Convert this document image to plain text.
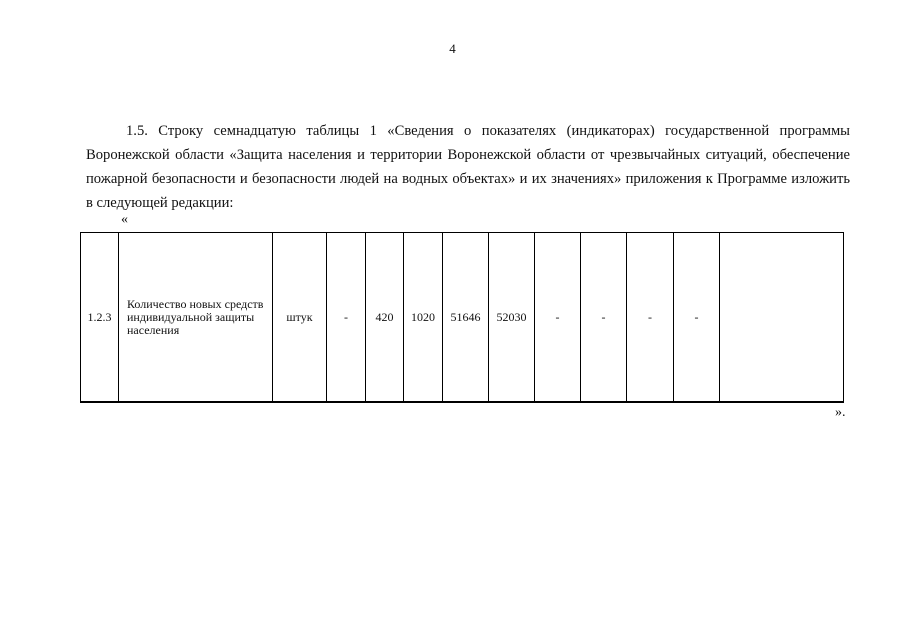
4

1.5. Строку семнадцатую таблицы 1 «Сведения о показателях (индикаторах) государственной программы Воронежской области «Защита населения и территории Воронежской области от чрезвычайных ситуаций, обеспечение пожарной безопасности и безопасности людей на водных объектах» и их значениях» приложения к Программе изложить в следующей редакции:

«
1.2.3	Количество новых средств индивидуальной защиты населения	штук	-	420	1020	51646	52030	-	-	-	-	
».
